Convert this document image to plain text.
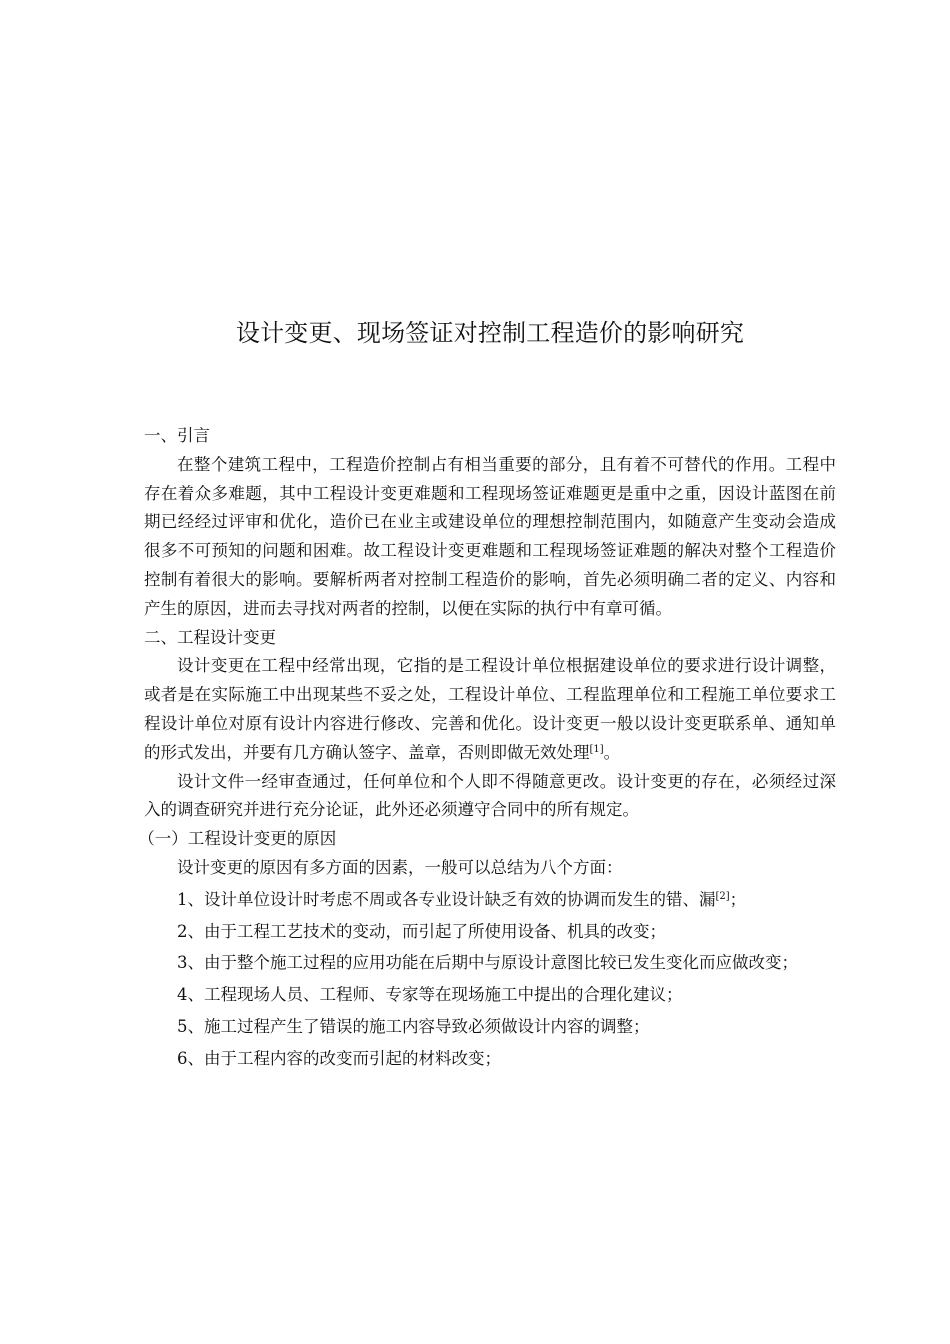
设计变更、现场签证对控制工程造价的影响研究

一、引言

在整个建筑工程中，工程造价控制占有相当重要的部分，且有着不可替代的作用。工程中存在着众多难题，其中工程设计变更难题和工程现场签证难题更是重中之重，因设计蓝图在前期已经经过评审和优化，造价已在业主或建设单位的理想控制范围内，如随意产生变动会造成很多不可预知的问题和困难。故工程设计变更难题和工程现场签证难题的解决对整个工程造价控制有着很大的影响。要解析两者对控制工程造价的影响，首先必须明确二者的定义、内容和产生的原因，进而去寻找对两者的控制，以便在实际的执行中有章可循。

二、工程设计变更

设计变更在工程中经常出现，它指的是工程设计单位根据建设单位的要求进行设计调整，或者是在实际施工中出现某些不妥之处，工程设计单位、工程监理单位和工程施工单位要求工程设计单位对原有设计内容进行修改、完善和优化。设计变更一般以设计变更联系单、通知单的形式发出，并要有几方确认签字、盖章，否则即做无效处理[1]。

设计文件一经审查通过，任何单位和个人即不得随意更改。设计变更的存在，必须经过深入的调查研究并进行充分论证，此外还必须遵守合同中的所有规定。

（一）工程设计变更的原因

设计变更的原因有多方面的因素，一般可以总结为八个方面：

1、设计单位设计时考虑不周或各专业设计缺乏有效的协调而发生的错、漏[2]；

2、由于工程工艺技术的变动，而引起了所使用设备、机具的改变；

3、由于整个施工过程的应用功能在后期中与原设计意图比较已发生变化而应做改变；

4、工程现场人员、工程师、专家等在现场施工中提出的合理化建议；

5、施工过程产生了错误的施工内容导致必须做设计内容的调整；

6、由于工程内容的改变而引起的材料改变；
